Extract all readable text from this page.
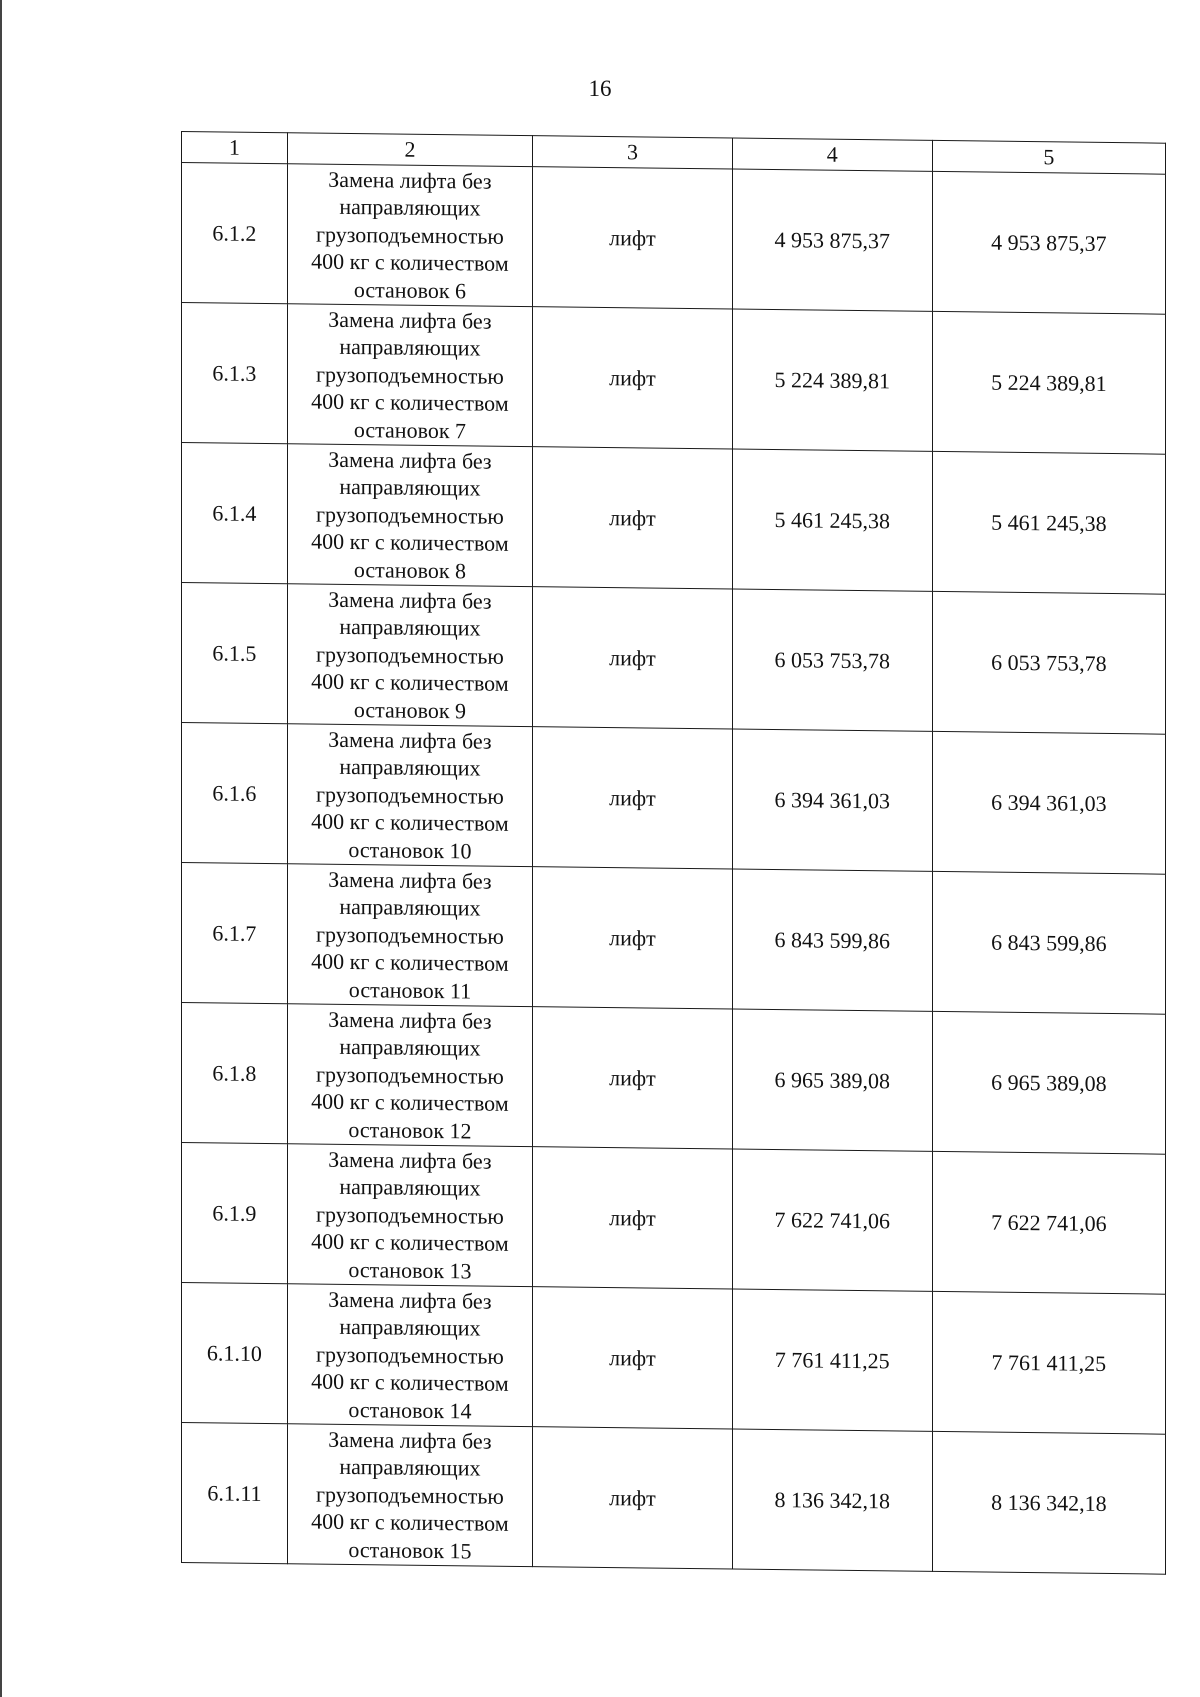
16
1	2	3	4	5
6.1.2	Замена лифта без
направляющих
грузоподъемностью
400 кг с количеством
остановок 6	лифт	4 953 875,37	4 953 875,37
6.1.3	Замена лифта без
направляющих
грузоподъемностью
400 кг с количеством
остановок 7	лифт	5 224 389,81	5 224 389,81
6.1.4	Замена лифта без
направляющих
грузоподъемностью
400 кг с количеством
остановок 8	лифт	5 461 245,38	5 461 245,38
6.1.5	Замена лифта без
направляющих
грузоподъемностью
400 кг с количеством
остановок 9	лифт	6 053 753,78	6 053 753,78
6.1.6	Замена лифта без
направляющих
грузоподъемностью
400 кг с количеством
остановок 10	лифт	6 394 361,03	6 394 361,03
6.1.7	Замена лифта без
направляющих
грузоподъемностью
400 кг с количеством
остановок 11	лифт	6 843 599,86	6 843 599,86
6.1.8	Замена лифта без
направляющих
грузоподъемностью
400 кг с количеством
остановок 12	лифт	6 965 389,08	6 965 389,08
6.1.9	Замена лифта без
направляющих
грузоподъемностью
400 кг с количеством
остановок 13	лифт	7 622 741,06	7 622 741,06
6.1.10	Замена лифта без
направляющих
грузоподъемностью
400 кг с количеством
остановок 14	лифт	7 761 411,25	7 761 411,25
6.1.11	Замена лифта без
направляющих
грузоподъемностью
400 кг с количеством
остановок 15	лифт	8 136 342,18	8 136 342,18
